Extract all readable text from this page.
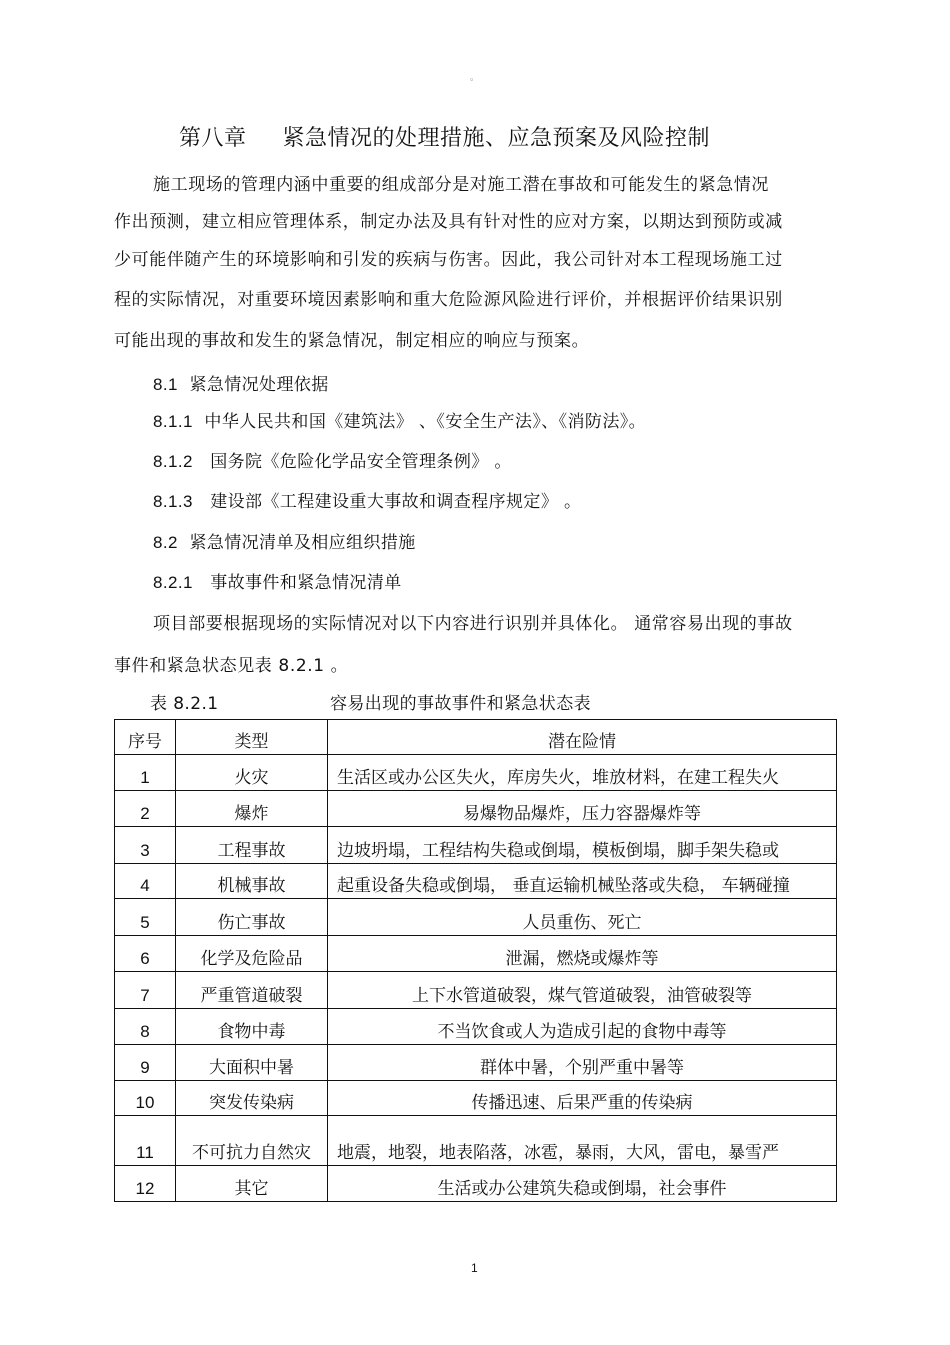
。
第八章 紧急情况的处理措施、应急预案及风险控制
施工现场的管理内涵中重要的组成部分是对施工潜在事故和可能发生的紧急情况
作出预测，建立相应管理体系，制定办法及具有针对性的应对方案，以期达到预防或减
少可能伴随产生的环境影响和引发的疾病与伤害。因此，我公司针对本工程现场施工过
程的实际情况，对重要环境因素影响和重大危险源风险进行评价，并根据评价结果识别
可能出现的事故和发生的紧急情况，制定相应的响应与预案。
8.1 紧急情况处理依据
8.1.1 中华人民共和国《建筑法》 、《安全生产法》、《消防法》。
8.1.2 国务院《危险化学品安全管理条例》 。
8.1.3 建设部《工程建设重大事故和调查程序规定》 。
8.2 紧急情况清单及相应组织措施
8.2.1 事故事件和紧急情况清单
项目部要根据现场的实际情况对以下内容进行识别并具体化。 通常容易出现的事故
事件和紧急状态见表 8.2.1 。
表 8.2.1	容易出现的事故事件和紧急状态表
序号	类型	潜在险情
1	火灾	生活区或办公区失火，库房失火，堆放材料，在建工程失火
2	爆炸	易爆物品爆炸，压力容器爆炸等
3	工程事故	边坡坍塌，工程结构失稳或倒塌，模板倒塌，脚手架失稳或
4	机械事故	起重设备失稳或倒塌， 垂直运输机械坠落或失稳， 车辆碰撞
5	伤亡事故	人员重伤、死亡
6	化学及危险品	泄漏，燃烧或爆炸等
7	严重管道破裂	上下水管道破裂，煤气管道破裂，油管破裂等
8	食物中毒	不当饮食或人为造成引起的食物中毒等
9	大面积中暑	群体中暑，个别严重中暑等
10	突发传染病	传播迅速、后果严重的传染病
11	不可抗力自然灾	地震，地裂，地表陷落，冰雹，暴雨，大风，雷电，暴雪严
12	其它	生活或办公建筑失稳或倒塌，社会事件
1
